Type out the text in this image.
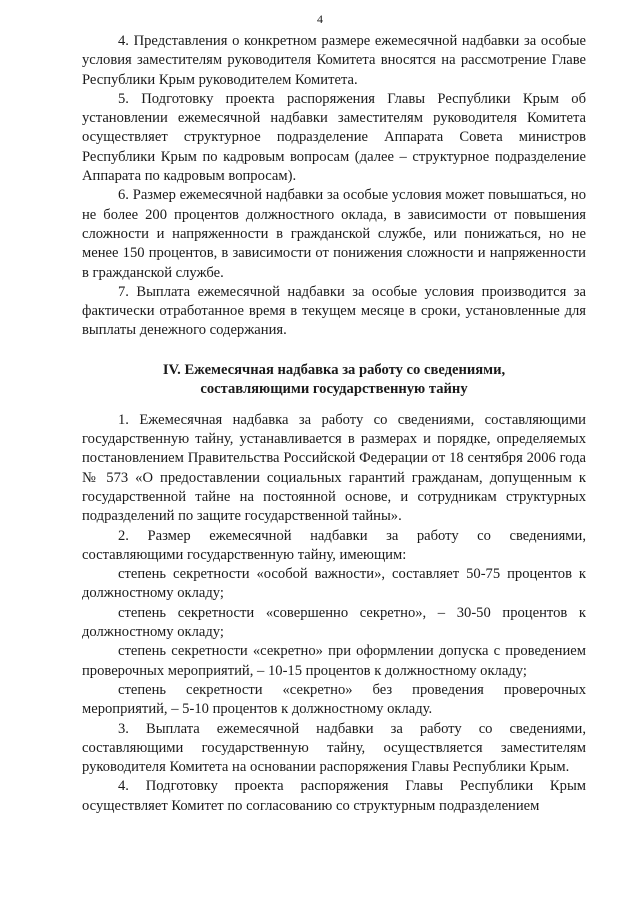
4

4. Представления о конкретном размере ежемесячной надбавки за особые условия заместителям руководителя Комитета вносятся на рассмотрение Главе Республики Крым руководителем Комитета.

5. Подготовку проекта распоряжения Главы Республики Крым об установлении ежемесячной надбавки заместителям руководителя Комитета осуществляет структурное подразделение Аппарата Совета министров Республики Крым по кадровым вопросам (далее – структурное подразделение Аппарата по кадровым вопросам).

6. Размер ежемесячной надбавки за особые условия может повышаться, но не более 200 процентов должностного оклада, в зависимости от повышения сложности и напряженности в гражданской службе, или понижаться, но не менее 150 процентов, в зависимости от понижения сложности и напряженности в гражданской службе.

7. Выплата ежемесячной надбавки за особые условия производится за фактически отработанное время в текущем месяце в сроки, установленные для выплаты денежного содержания.

IV. Ежемесячная надбавка за работу со сведениями,
составляющими государственную тайну

1. Ежемесячная надбавка за работу со сведениями, составляющими государственную тайну, устанавливается в размерах и порядке, определяемых постановлением Правительства Российской Федерации от 18 сентября 2006 года № 573 «О предоставлении социальных гарантий гражданам, допущенным к государственной тайне на постоянной основе, и сотрудникам структурных подразделений по защите государственной тайны».

2. Размер ежемесячной надбавки за работу со сведениями, составляющими государственную тайну, имеющим:

степень секретности «особой важности», составляет 50-75 процентов к должностному окладу;

степень секретности «совершенно секретно», – 30-50 процентов к должностному окладу;

степень секретности «секретно» при оформлении допуска с проведением проверочных мероприятий, – 10-15 процентов к должностному окладу;

степень секретности «секретно» без проведения проверочных мероприятий, – 5-10 процентов к должностному окладу.

3. Выплата ежемесячной надбавки за работу со сведениями, составляющими государственную тайну, осуществляется заместителям руководителя Комитета на основании распоряжения Главы Республики Крым.

4. Подготовку проекта распоряжения Главы Республики Крым осуществляет Комитет по согласованию со структурным подразделением
